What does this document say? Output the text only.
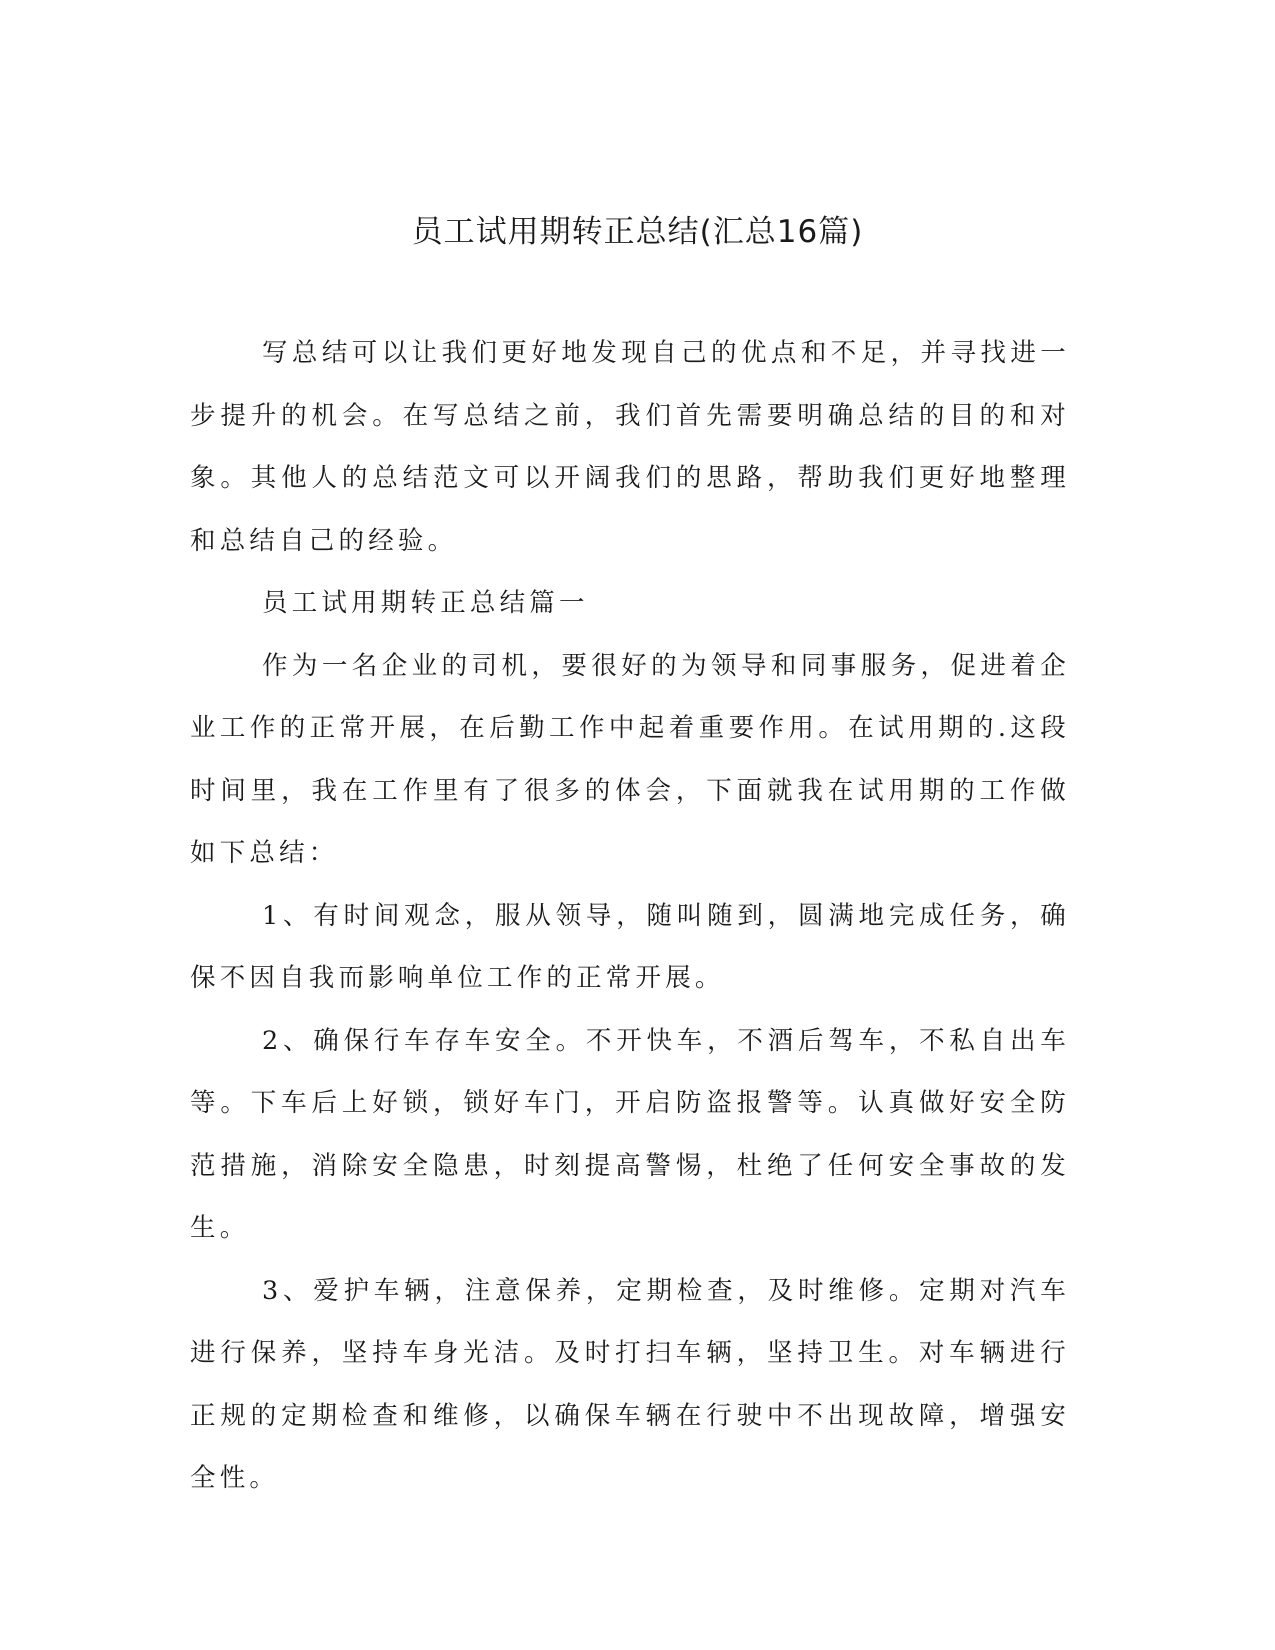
员工试用期转正总结(汇总16篇)

写总结可以让我们更好地发现自己的优点和不足，并寻找进一步提升的机会。在写总结之前，我们首先需要明确总结的目的和对象。其他人的总结范文可以开阔我们的思路，帮助我们更好地整理和总结自己的经验。

员工试用期转正总结篇一

作为一名企业的司机，要很好的为领导和同事服务，促进着企业工作的正常开展，在后勤工作中起着重要作用。在试用期的.这段时间里，我在工作里有了很多的体会，下面就我在试用期的工作做如下总结：

1、有时间观念，服从领导，随叫随到，圆满地完成任务，确保不因自我而影响单位工作的正常开展。

2、确保行车存车安全。不开快车，不酒后驾车，不私自出车等。下车后上好锁，锁好车门，开启防盗报警等。认真做好安全防范措施，消除安全隐患，时刻提高警惕，杜绝了任何安全事故的发生。

3、爱护车辆，注意保养，定期检查，及时维修。定期对汽车进行保养，坚持车身光洁。及时打扫车辆，坚持卫生。对车辆进行正规的定期检查和维修，以确保车辆在行驶中不出现故障，增强安全性。
